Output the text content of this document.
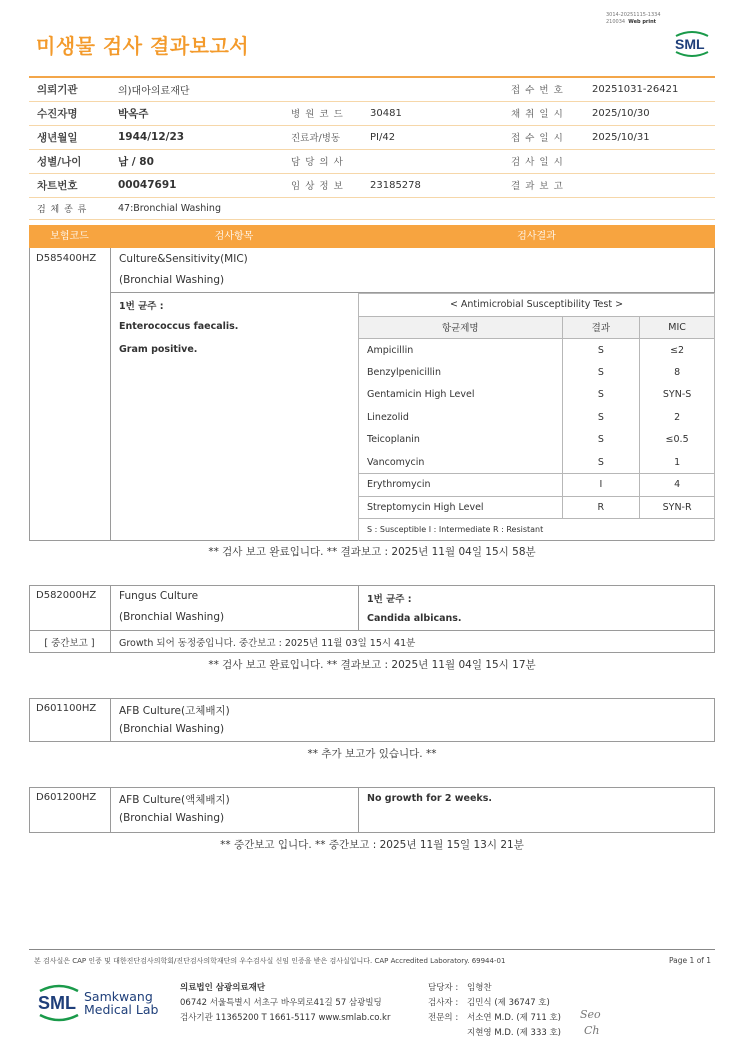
미생물 검사 결과보고서
3014-20251115-1334
210034 Web print
SML
의뢰기관	의)대아의료재단			접 수 번 호	20251031-26421
수진자명	박옥주	병 원 코 드	30481	채 취 일 시	2025/10/30
생년월일	1944/12/23	진료과/병동	PI/42	접 수 일 시	2025/10/31
성별/나이	남 / 80	담 당 의 사		검 사 일 시	
차트번호	00047691	임 상 정 보	23185278	결 과 보 고	
검 체 종 류	47:Bronchial Washing				
보험코드	검사항목	검사결과
D585400HZ Culture&Sensitivity(MIC)
(Bronchial Washing)
1번 균주 :
Enterococcus faecalis.
Gram positive.
< Antimicrobial Susceptibility Test >		
항균제명	결과	MIC
Ampicillin	S	≤2
Benzylpenicillin	S	8
Gentamicin High Level	S	SYN-S
Linezolid	S	2
Teicoplanin	S	≤0.5
Vancomycin	S	1
Erythromycin	I	4
Streptomycin High Level	R	SYN-R
S : Susceptible I : Intermediate R : Resistant		
** 검사 보고 완료입니다. ** 결과보고 : 2025년 11월 04일 15시 58분
D582000HZ Fungus Culture
(Bronchial Washing)
1번 균주 :
Candida albicans.
[ 중간보고 ]	Growth 되어 동정중입니다. 중간보고 : 2025년 11월 03일 15시 41분
** 검사 보고 완료입니다. ** 결과보고 : 2025년 11월 04일 15시 17분
D601100HZ AFB Culture(고체배지)
(Bronchial Washing)
** 추가 보고가 있습니다. **
D601200HZ AFB Culture(액체배지)
(Bronchial Washing)
No growth for 2 weeks.
** 중간보고 입니다. ** 중간보고 : 2025년 11월 15일 13시 21분
본 검사실은 CAP 인증 및 대한진단검사의학회/진단검사의학재단의 우수검사실 신임 인증을 받은 검사실입니다. CAP Accredited Laboratory. 69944-01	Page 1 of 1
SML Samkwang
Medical Lab
의료법인 삼광의료재단
06742 서울특별시 서초구 바우뫼로41길 57 삼광빌딩
검사기관 11365200 T 1661-5117 www.smlab.co.kr
담당자 : 임형찬
검사자 : 김민식 (제 36747 호)
전문의 : 서소연 M.D. (제 711 호)
지현영 M.D. (제 333 호)
Seo
Ch
